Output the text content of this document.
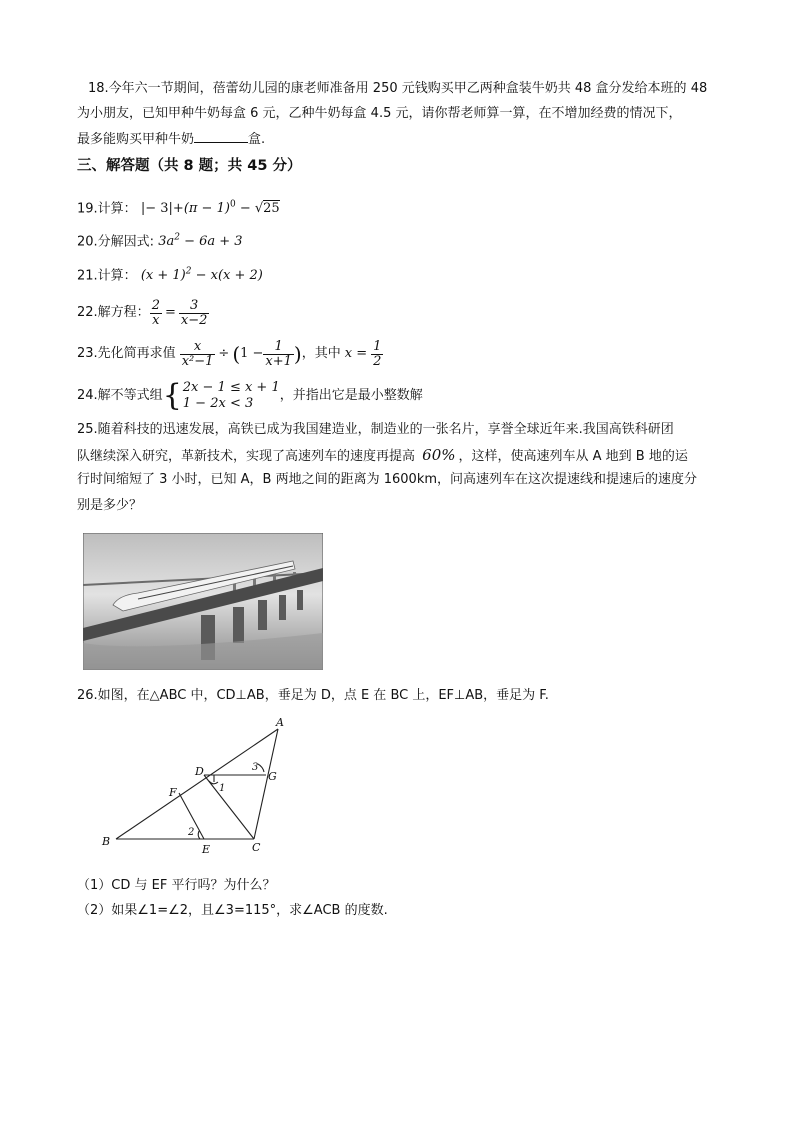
18.今年六一节期间，蓓蕾幼儿园的康老师准备用 250 元钱购买甲乙两种盒装牛奶共 48 盒分发给本班的 48
为小朋友，已知甲种牛奶每盒 6 元，乙种牛奶每盒 4.5 元，请你帮老师算一算，在不增加经费的情况下，
最多能购买甲种牛奶	盒.
三、解答题（共 8 题；共 45 分）
19.计算： |− $3|+(\pi - 1)^0 - √25$
20.分解因式: $3a^2 - 6a + 3$
21.计算： $(x + 1)^2 - x(x + 2)$
22.解方程： $\frac{2}{x} = \frac{3}{x-2}$
23.先化简再求值 $\frac{x}{\text{x²−1}}$ ÷ ( $1 - \frac{1}{x+1}$ ) ，其中 $x = \frac{1}{2}$
24.解不等式组 { 2x − 1 ≤ x + 1
1 − 2x < 3
，并指出它是最小整数解
25.随着科技的迅速发展，高铁已成为我国建造业，制造业的一张名片，享誉全球近年来.我国高铁科研团
队继续深入研究，革新技术，实现了高速列车的速度再提高 60% ，这样，使高速列车从 A 地到 B 地的运
行时间缩短了 3 小时，已知 A，B 两地之间的距离为 1600km，问高速列车在这次提速线和提速后的速度分
别是多少？
26.如图，在△ABC 中，CD⊥AB，垂足为 D，点 E 在 BC 上，EF⊥AB，垂足为 F.
A
B	C
D
E
F
G
1
2
3
（1）CD 与 EF 平行吗？为什么？
（2）如果∠1=∠2，且∠3=115°，求∠ACB 的度数.
